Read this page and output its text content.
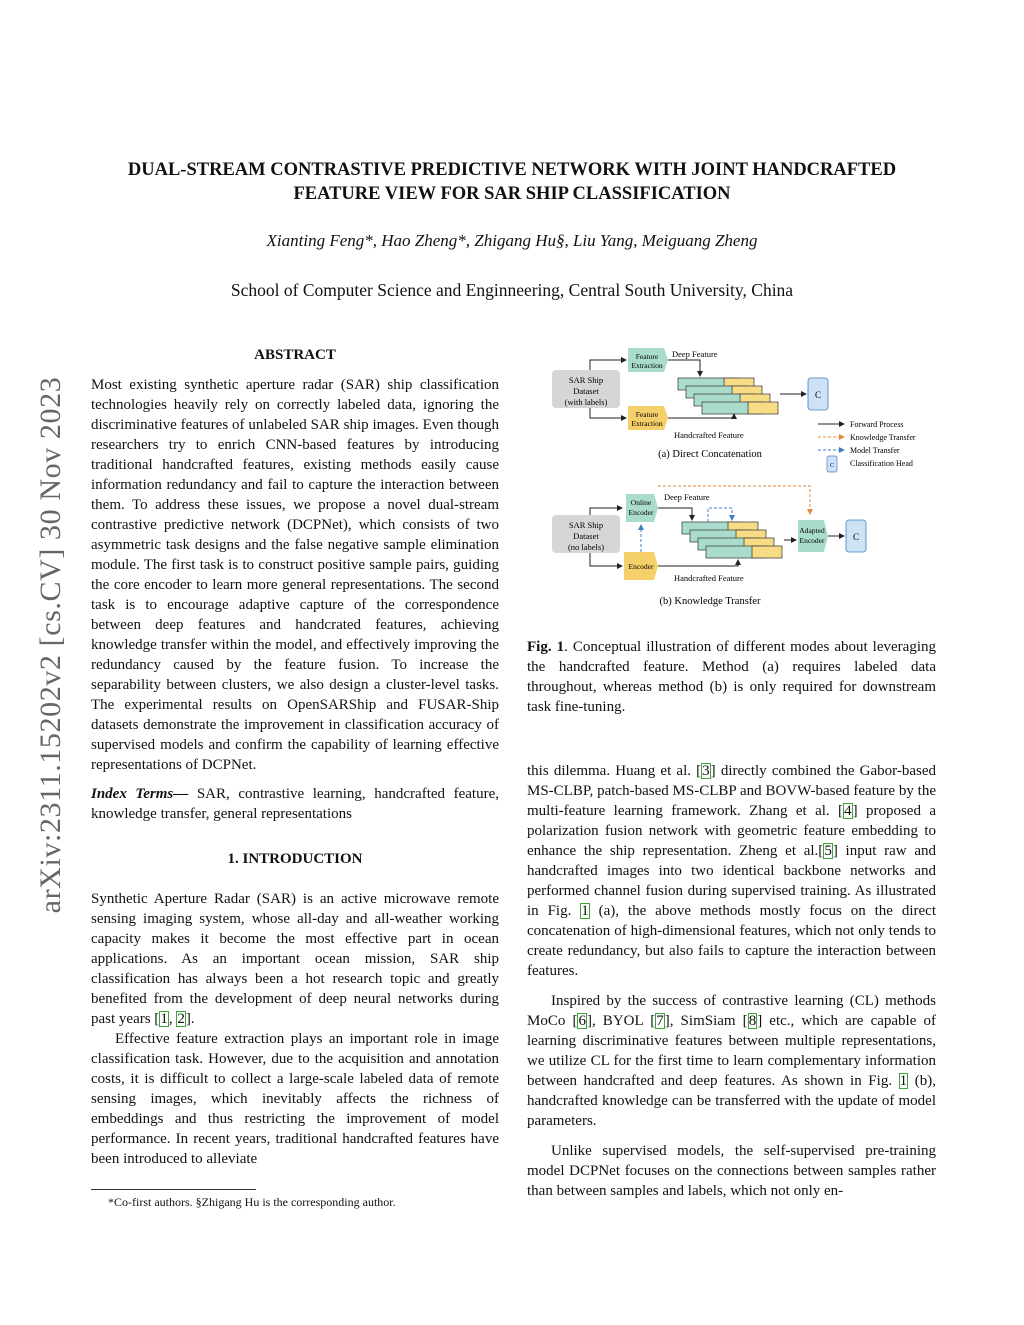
DUAL-STREAM CONTRASTIVE PREDICTIVE NETWORK WITH JOINT HANDCRAFTED
FEATURE VIEW FOR SAR SHIP CLASSIFICATION
Xianting Feng*, Hao Zheng*, Zhigang Hu§, Liu Yang, Meiguang Zheng
School of Computer Science and Enginneering, Central South University, China
arXiv:2311.15202v2 [cs.CV] 30 Nov 2023
ABSTRACT

Most existing synthetic aperture radar (SAR) ship classification technologies heavily rely on correctly labeled data, ignoring the discriminative features of unlabeled SAR ship images. Even though researchers try to enrich CNN-based features by introducing traditional handcrafted features, existing methods easily cause information redundancy and fail to capture the interaction between them. To address these issues, we propose a novel dual-stream contrastive predictive network (DCPNet), which consists of two asymmetric task designs and the false negative sample elimination module. The first task is to construct positive sample pairs, guiding the core encoder to learn more general representations. The second task is to encourage adaptive capture of the correspondence between deep features and handcrated features, achieving knowledge transfer within the model, and effectively improving the redundancy caused by the feature fusion. To increase the separability between clusters, we also design a cluster-level tasks. The experimental results on OpenSARShip and FUSAR-Ship datasets demonstrate the improvement in classification accuracy of supervised models and confirm the capability of learning effective representations of DCPNet.

Index Terms— SAR, contrastive learning, handcrafted feature, knowledge transfer, general representations

1. INTRODUCTION

Synthetic Aperture Radar (SAR) is an active microwave remote sensing imaging system, whose all-day and all-weather working capacity makes it become the most effective part in ocean applications. As an important ocean mission, SAR ship classification has always been a hot research topic and greatly benefited from the development of deep neural networks during past years [1, 2].

Effective feature extraction plays an important role in image classification task. However, due to the acquisition and annotation costs, it is difficult to collect a large-scale labeled data of remote sensing images, which inevitably affects the richness of embeddings and thus restricting the improvement of model performance. In recent years, traditional handcrafted features have been introduced to alleviate

*Co-first authors. §Zhigang Hu is the corresponding author.
SAR Ship
Dataset
(with labels)
Feature
Extraction
Feature
Extraction
Deep Feature
Handcrafted Feature
C
(a) Direct Concatenation
Forward Process
Knowledge Transfer
Model Transfer
C Classification Head
SAR Ship
Dataset
(no labels)
Online
Encoder
Encoder
Deep Feature
Handcrafted Feature
Adapted
Encoder	C
(b) Knowledge Transfer

Fig. 1. Conceptual illustration of different modes about leveraging the handcrafted feature. Method (a) requires labeled data throughout, whereas method (b) is only required for downstream task fine-tuning.

this dilemma. Huang et al. [3] directly combined the Gabor-based MS-CLBP, patch-based MS-CLBP and BOVW-based feature by the multi-feature learning framework. Zhang et al. [4] proposed a polarization fusion network with geometric feature embedding to enhance the ship representation. Zheng et al.[5] input raw and handcrafted images into two identical backbone networks and performed channel fusion during supervised training. As illustrated in Fig. 1 (a), the above methods mostly focus on the direct concatenation of high-dimensional features, which not only tends to create redundancy, but also fails to capture the interaction between features.

Inspired by the success of contrastive learning (CL) methods MoCo [6], BYOL [7], SimSiam [8] etc., which are capable of learning discriminative features between multiple representations, we utilize CL for the first time to learn complementary information between handcrafted and deep features. As shown in Fig. 1 (b), handcrafted knowledge can be transferred with the update of model parameters.

Unlike supervised models, the self-supervised pre-training model DCPNet focuses on the connections between samples rather than between samples and labels, which not only en-
